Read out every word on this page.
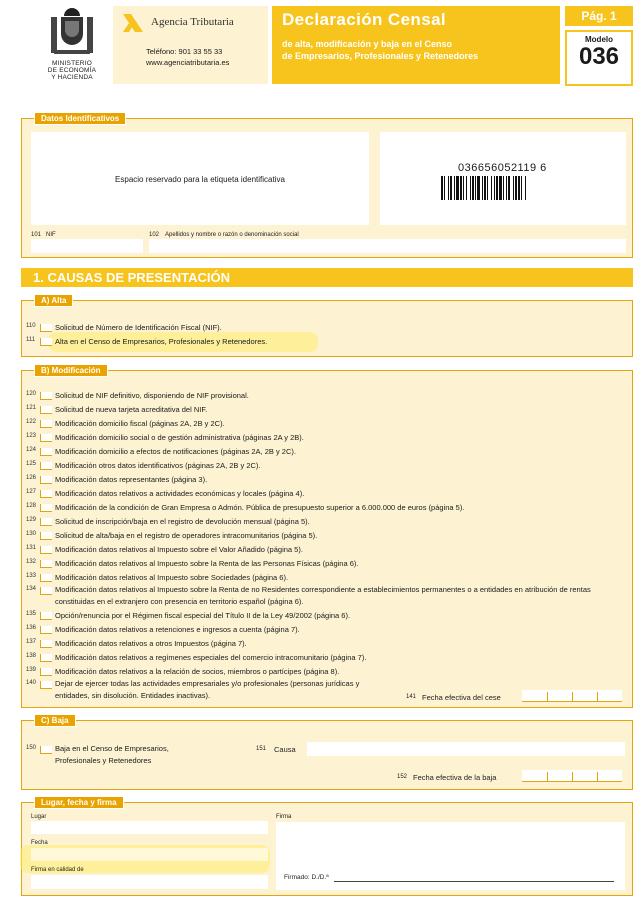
MINISTERIO
DE ECONOMÍA
Y HACIENDA
Agencia Tributaria
Teléfono: 901 33 55 33
www.agenciatributaria.es
Declaración Censal
de alta, modificación y baja en el Censo
de Empresarios, Profesionales y Retenedores
Pág. 1
Modelo
036
Datos Identificativos
Espacio reservado para la etiqueta identificativa
036656052119 6
101 NIF	102 Apellidos y nombre o razón o denominación social
1. CAUSAS DE PRESENTACIÓN
A) Alta
110	Solicitud de Número de Identificación Fiscal (NIF).
111	Alta en el Censo de Empresarios, Profesionales y Retenedores.
B) Modificación
120	Solicitud de NIF definitivo, disponiendo de NIF provisional.
121	Solicitud de nueva tarjeta acreditativa del NIF.
122	Modificación domicilio fiscal (páginas 2A, 2B y 2C).
123	Modificación domicilio social o de gestión administrativa (páginas 2A y 2B).
124	Modificación domicilio a efectos de notificaciones (páginas 2A, 2B y 2C).
125	Modificación otros datos identificativos (páginas 2A, 2B y 2C).
126	Modificación datos representantes (página 3).
127	Modificación datos relativos a actividades económicas y locales (página 4).
128	Modificación de la condición de Gran Empresa o Admón. Pública de presupuesto superior a 6.000.000 de euros (página 5).
129	Solicitud de inscripción/baja en el registro de devolución mensual (página 5).
130	Solicitud de alta/baja en el registro de operadores intracomunitarios (página 5).
131	Modificación datos relativos al Impuesto sobre el Valor Añadido (página 5).
132	Modificación datos relativos al Impuesto sobre la Renta de las Personas Físicas (página 6).
133	Modificación datos relativos al Impuesto sobre Sociedades (página 6).
134	Modificación datos relativos al Impuesto sobre la Renta de no Residentes correspondiente a establecimientos permanentes o a entidades en atribución de rentas constituidas en el extranjero con presencia en territorio español (página 6).
135	Opción/renuncia por el Régimen fiscal especial del Título II de la Ley 49/2002 (página 6).
136	Modificación datos relativos a retenciones e ingresos a cuenta (página 7).
137	Modificación datos relativos a otros Impuestos (página 7).
138	Modificación datos relativos a regímenes especiales del comercio intracomunitario (página 7).
139	Modificación datos relativos a la relación de socios, miembros o partícipes (página 8).
140	Dejar de ejercer todas las actividades empresariales y/o profesionales (personas jurídicas y entidades, sin disolución. Entidades inactivas).	141 Fecha efectiva del cese
C) Baja
150	Baja en el Censo de Empresarios, Profesionales y Retenedores
151 Causa
152 Fecha efectiva de la baja
Lugar, fecha y firma
Lugar
Fecha
Firma en calidad de
Firma
Firmado: D./D.ª
